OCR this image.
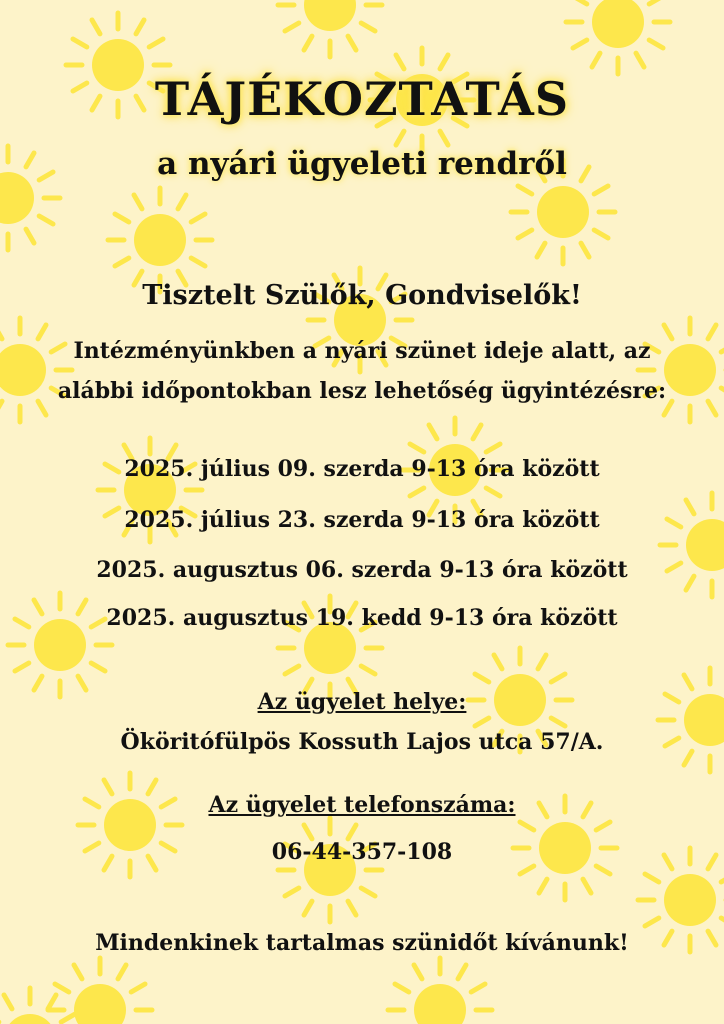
TÁJÉKOZTATÁS
a nyári ügyeleti rendről
Tisztelt Szülők, Gondviselők!
Intézményünkben a nyári szünet ideje alatt, az
alábbi időpontokban lesz lehetőség ügyintézésre:
2025. július 09. szerda 9-13 óra között
2025. július 23. szerda 9-13 óra között
2025. augusztus 06. szerda 9-13 óra között
2025. augusztus 19. kedd 9-13 óra között
Az ügyelet helye:
Ököritófülpös Kossuth Lajos utca 57/A.
Az ügyelet telefonszáma:
06-44-357-108
Mindenkinek tartalmas szünidőt kívánunk!
